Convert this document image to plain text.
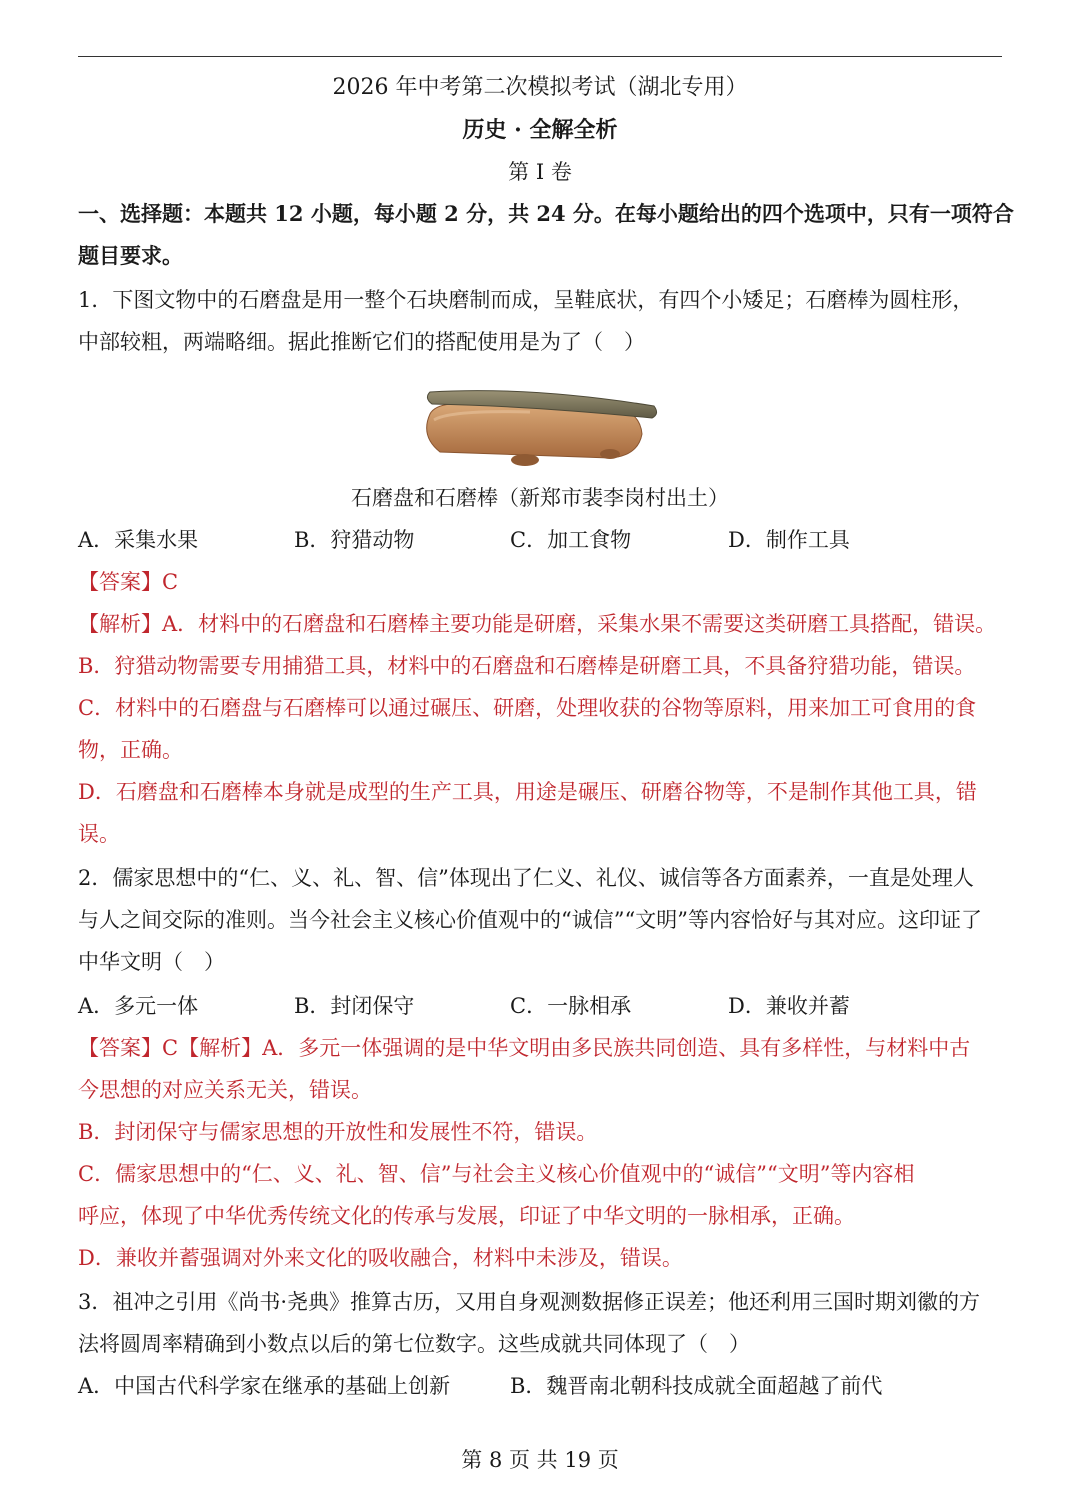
2026 年中考第二次模拟考试（湖北专用）
历史 · 全解全析
第 I 卷
一、选择题：本题共 12 小题，每小题 2 分，共 24 分。在每小题给出的四个选项中，只有一项符合
题目要求。
1．下图文物中的石磨盘是用一整个石块磨制而成，呈鞋底状，有四个小矮足；石磨棒为圆柱形，
中部较粗，两端略细。据此推断它们的搭配使用是为了（　）
石磨盘和石磨棒（新郑市裴李岗村出土）
A．采集水果	B．狩猎动物	C．加工食物	D．制作工具
【答案】C
【解析】A．材料中的石磨盘和石磨棒主要功能是研磨，采集水果不需要这类研磨工具搭配，错误。
B．狩猎动物需要专用捕猎工具，材料中的石磨盘和石磨棒是研磨工具，不具备狩猎功能，错误。
C．材料中的石磨盘与石磨棒可以通过碾压、研磨，处理收获的谷物等原料，用来加工可食用的食
物，正确。
D．石磨盘和石磨棒本身就是成型的生产工具，用途是碾压、研磨谷物等，不是制作其他工具，错
误。
2．儒家思想中的“仁、义、礼、智、信”体现出了仁义、礼仪、诚信等各方面素养，一直是处理人
与人之间交际的准则。当今社会主义核心价值观中的“诚信”“文明”等内容恰好与其对应。这印证了
中华文明（　）
A．多元一体	B．封闭保守	C．一脉相承	D．兼收并蓄
【答案】C【解析】A．多元一体强调的是中华文明由多民族共同创造、具有多样性，与材料中古
今思想的对应关系无关，错误。
B．封闭保守与儒家思想的开放性和发展性不符，错误。
C．儒家思想中的“仁、义、礼、智、信”与社会主义核心价值观中的“诚信”“文明”等内容相
呼应，体现了中华优秀传统文化的传承与发展，印证了中华文明的一脉相承，正确。
D．兼收并蓄强调对外来文化的吸收融合，材料中未涉及，错误。
3．祖冲之引用《尚书·尧典》推算古历，又用自身观测数据修正误差；他还利用三国时期刘徽的方
法将圆周率精确到小数点以后的第七位数字。这些成就共同体现了（　）
A．中国古代科学家在继承的基础上创新	B．魏晋南北朝科技成就全面超越了前代
第 8 页 共 19 页
